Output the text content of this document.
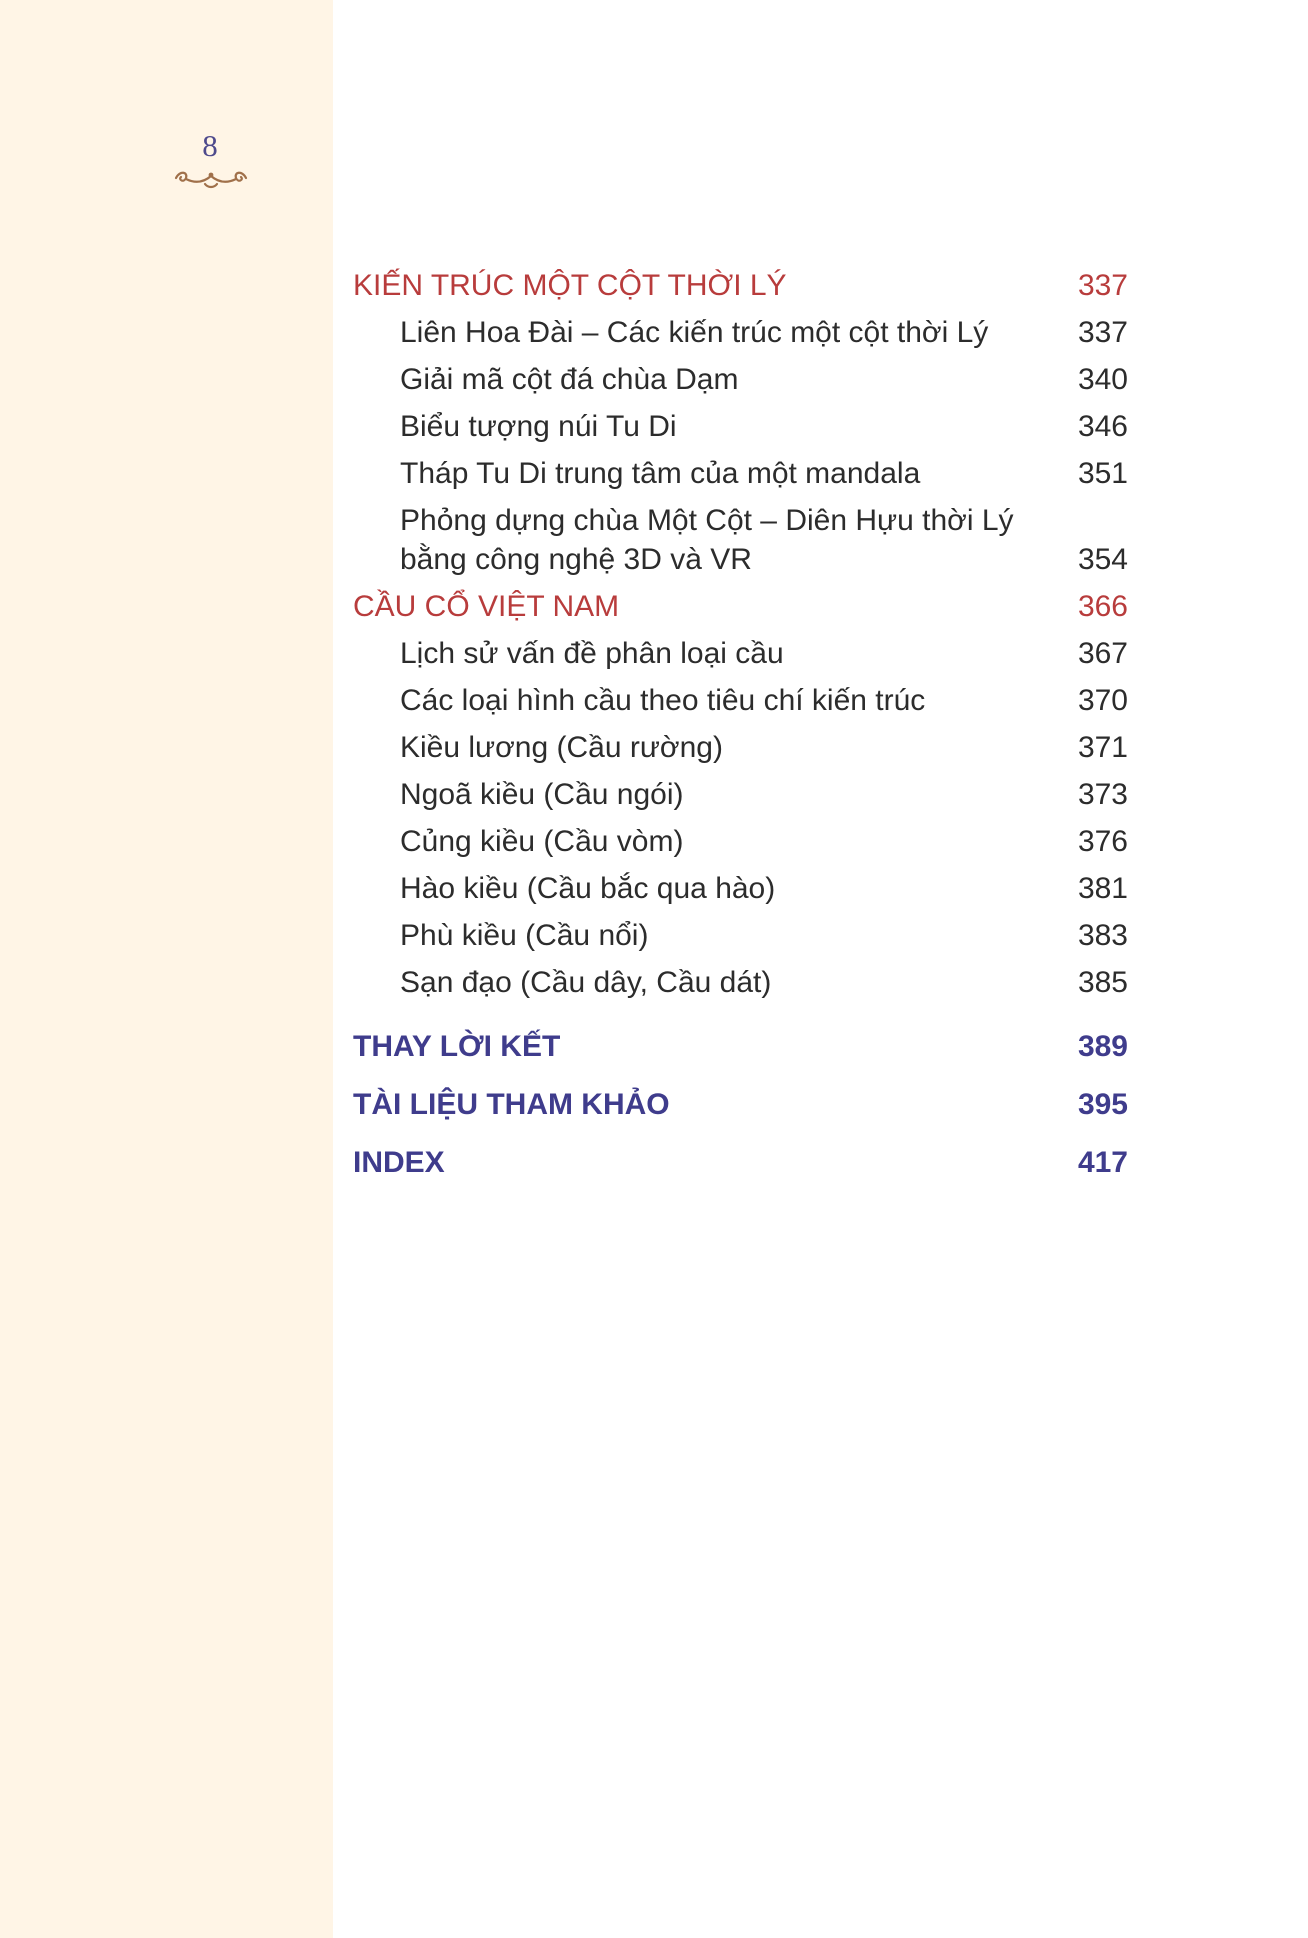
8
KIẾN TRÚC MỘT CỘT THỜI LÝ	337
Liên Hoa Đài – Các kiến trúc một cột thời Lý	337
Giải mã cột đá chùa Dạm	340
Biểu tượng núi Tu Di	346
Tháp Tu Di trung tâm của một mandala	351
Phỏng dựng chùa Một Cột – Diên Hựu thời Lý
bằng công nghệ 3D và VR	354
CẦU CỔ VIỆT NAM	366
Lịch sử vấn đề phân loại cầu	367
Các loại hình cầu theo tiêu chí kiến trúc	370
Kiều lương (Cầu rường)	371
Ngoã kiều (Cầu ngói)	373
Củng kiều (Cầu vòm)	376
Hào kiều (Cầu bắc qua hào)	381
Phù kiều (Cầu nổi)	383
Sạn đạo (Cầu dây, Cầu dát)	385
THAY LỜI KẾT	389
TÀI LIỆU THAM KHẢO	395
INDEX	417
